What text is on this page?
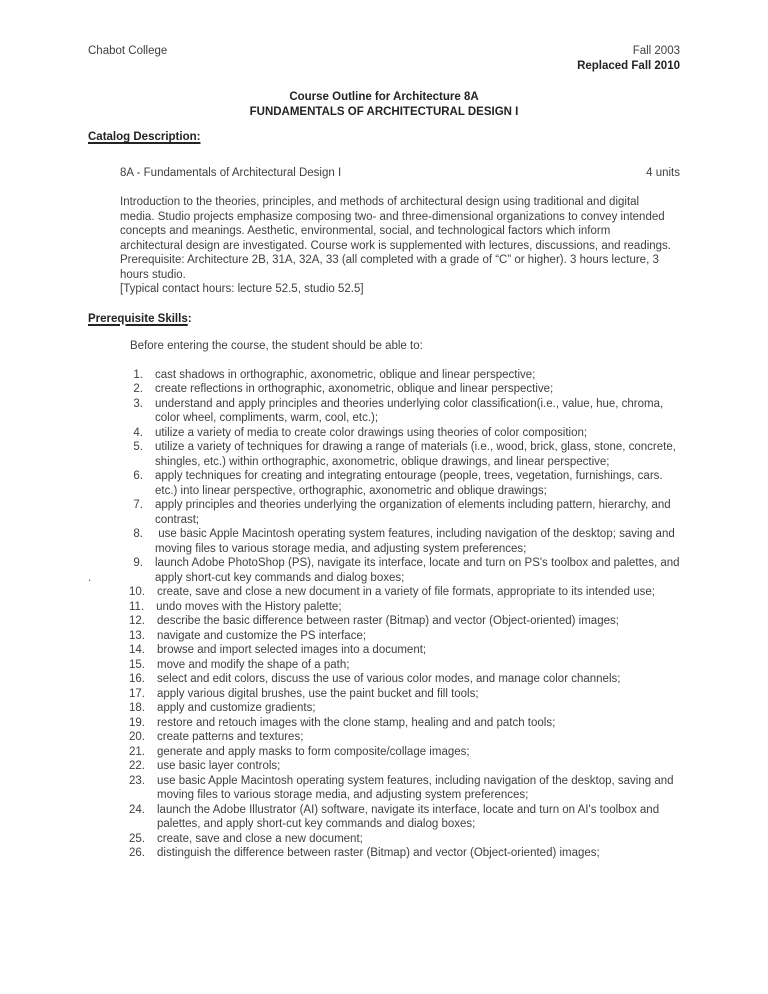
Chabot College	Fall 2003
Replaced Fall 2010
Course Outline for Architecture 8A
FUNDAMENTALS OF ARCHITECTURAL DESIGN I
Catalog Description:
8A - Fundamentals of Architectural Design I	4 units

Introduction to the theories, principles, and methods of architectural design using traditional and digital media. Studio projects emphasize composing two- and three-dimensional organizations to convey intended concepts and meanings. Aesthetic, environmental, social, and technological factors which inform architectural design are investigated. Course work is supplemented with lectures, discussions, and readings. Prerequisite: Architecture 2B, 31A, 32A, 33 (all completed with a grade of “C” or higher). 3 hours lecture, 3 hours studio.

[Typical contact hours: lecture 52.5, studio 52.5]
Prerequisite Skills:
Before entering the course, the student should be able to:
1. cast shadows in orthographic, axonometric, oblique and linear perspective;
2. create reflections in orthographic, axonometric, oblique and linear perspective;
3. understand and apply principles and theories underlying color classification(i.e., value, hue, chroma, color wheel, compliments, warm, cool, etc.);
4. utilize a variety of media to create color drawings using theories of color composition;
5. utilize a variety of techniques for drawing a range of materials (i.e., wood, brick, glass, stone, concrete, shingles, etc.) within orthographic, axonometric, oblique drawings, and linear perspective;
6. apply techniques for creating and integrating entourage (people, trees, vegetation, furnishings, cars. etc.) into linear perspective, orthographic, axonometric and oblique drawings;
7. apply principles and theories underlying the organization of elements including pattern, hierarchy, and contrast;
8. use basic Apple Macintosh operating system features, including navigation of the desktop; saving and moving files to various storage media, and adjusting system preferences;
9. launch Adobe PhotoShop (PS), navigate its interface, locate and turn on PS's toolbox and palettes, and apply short-cut key commands and dialog boxes;
10. create, save and close a new document in a variety of file formats, appropriate to its intended use;
11. undo moves with the History palette;
12. describe the basic difference between raster (Bitmap) and vector (Object-oriented) images;
13. navigate and customize the PS interface;
14. browse and import selected images into a document;
15. move and modify the shape of a path;
16. select and edit colors, discuss the use of various color modes, and manage color channels;
17. apply various digital brushes, use the paint bucket and fill tools;
18. apply and customize gradients;
19. restore and retouch images with the clone stamp, healing and and patch tools;
20. create patterns and textures;
21. generate and apply masks to form composite/collage images;
22. use basic layer controls;
23. use basic Apple Macintosh operating system features, including navigation of the desktop, saving and moving files to various storage media, and adjusting system preferences;
24. launch the Adobe Illustrator (AI) software, navigate its interface, locate and turn on AI's toolbox and palettes, and apply short-cut key commands and dialog boxes;
25. create, save and close a new document;
26. distinguish the difference between raster (Bitmap) and vector (Object-oriented) images;
.
